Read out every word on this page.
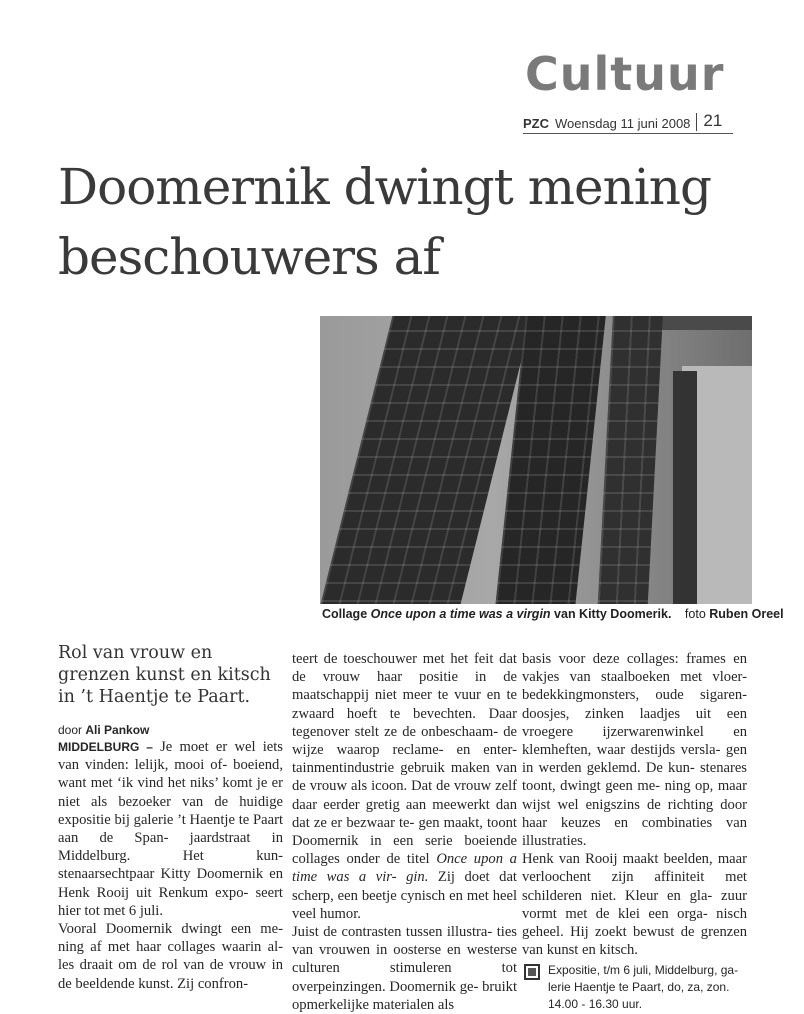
Cultuur
PZC Woensdag 11 juni 2008 21
Doomernik dwingt mening
beschouwers af
Collage Once upon a time was a virgin van Kitty Doomerik. foto Ruben Oreel
Rol van vrouw en grenzen kunst en kitsch in ’t Haentje te Paart.
door Ali Pankow

MIDDELBURG – Je moet er wel iets van vinden: lelijk, mooi of- boeiend, want met ‘ik vind het niks’ komt je er niet als bezoeker van de huidige expositie bij galerie ’t Haentje te Paart aan de Span- jaardstraat in Middelburg. Het kun- stenaarsechtpaar Kitty Doomernik en Henk Rooij uit Renkum expo- seert hier tot met 6 juli.

Vooral Doomernik dwingt een me- ning af met haar collages waarin al- les draait om de rol van de vrouw in de beeldende kunst. Zij confron-

teert de toeschouwer met het feit dat de vrouw haar positie in de maatschappij niet meer te vuur en te zwaard hoeft te bevechten. Daar tegenover stelt ze de onbeschaam- de wijze waarop reclame- en enter- tainmentindustrie gebruik maken van de vrouw als icoon. Dat de vrouw zelf daar eerder gretig aan meewerkt dan dat ze er bezwaar te- gen maakt, toont Doomernik in een serie boeiende collages onder de titel Once upon a time was a vir- gin. Zij doet dat scherp, een beetje cynisch en met heel veel humor.

Juist de contrasten tussen illustra- ties van vrouwen in oosterse en westerse culturen stimuleren tot overpeinzingen. Doomernik ge- bruikt opmerkelijke materialen als

basis voor deze collages: frames en vakjes van staalboeken met vloer- bedekkingmonsters, oude sigaren- doosjes, zinken laadjes uit een vroegere ijzerwarenwinkel en klemheften, waar destijds versla- gen in werden geklemd. De kun- stenares toont, dwingt geen me- ning op, maar wijst wel enigszins de richting door haar keuzes en combinaties van illustraties.

Henk van Rooij maakt beelden, maar verloochent zijn affiniteit met schilderen niet. Kleur en gla- zuur vormt met de klei een orga- nisch geheel. Hij zoekt bewust de grenzen van kunst en kitsch.

Expositie, t/m 6 juli, Middelburg, ga- lerie Haentje te Paart, do, za, zon. 14.00 - 16.30 uur.
